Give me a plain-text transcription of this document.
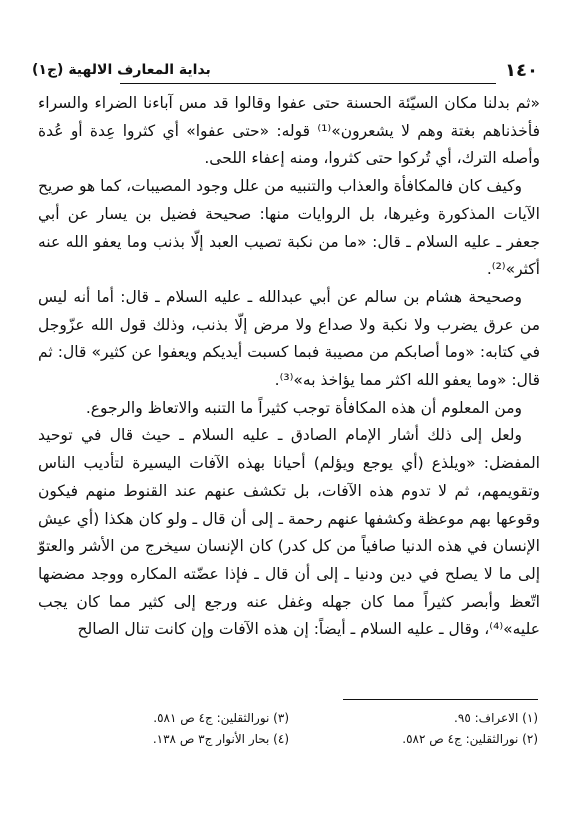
١٤٠
بداية المعارف الالهية (ج١)

«ثم بدلنا مكان السيّئة الحسنة حتى عفوا وقالوا قد مس آباءنا الضراء والسراء فأخذناهم بغتة وهم لا يشعرون»⁽¹⁾ قوله: «حتى عفوا» أي كثروا عِدة أو عُدة وأصله الترك، أي تُركوا حتى كثروا، ومنه إعفاء اللحى.

وكيف كان فالمكافأة والعذاب والتنبيه من علل وجود المصيبات، كما هو صريح الآيات المذكورة وغيرها، بل الروايات منها: صحيحة فضيل بن يسار عن أبي جعفر ـ عليه السلام ـ قال: «ما من نكبة تصيب العبد إلّا بذنب وما يعفو الله عنه أكثر»⁽²⁾.

وصحيحة هشام بن سالم عن أبي عبدالله ـ عليه السلام ـ قال: أما أنه ليس من عرق يضرب ولا نكبة ولا صداع ولا مرض إلّا بذنب، وذلك قول الله عزّوجل في كتابه: «وما أصابكم من مصيبة فبما كسبت أيديكم ويعفوا عن كثير» قال: ثم قال: «وما يعفو الله اكثر مما يؤاخذ به»⁽³⁾.

ومن المعلوم أن هذه المكافأة توجب كثيراً ما التنبه والاتعاظ والرجوع.

ولعل إلى ذلك أشار الإمام الصادق ـ عليه السلام ـ حيث قال في توحيد المفضل: «ويلذع (أي يوجع ويؤلم) أحيانا بهذه الآفات اليسيرة لتأديب الناس وتقويمهم، ثم لا تدوم هذه الآفات، بل تكشف عنهم عند القنوط منهم فيكون وقوعها بهم موعظة وكشفها عنهم رحمة ـ إلى أن قال ـ ولو كان هكذا (أي عيش الإنسان في هذه الدنيا صافياً من كل كدر) كان الإنسان سيخرج من الأشر والعتوّ إلى ما لا يصلح في دين ودنيا ـ إلى أن قال ـ فإذا عضّته المكاره ووجد مضضها اتّعظ وأبصر كثيراً مما كان جهله وغفل عنه ورجع إلى كثير مما كان يجب عليه»⁽⁴⁾، وقال ـ عليه السلام ـ أيضاً: إن هذه الآفات وإن كانت تنال الصالح

(١) الاعراف: ٩٥.
(٣) نورالثقلين: ج٤ ص ٥٨١.
(٢) نورالثقلين: ج٤ ص ٥٨٢.
(٤) بحار الأنوار ج٣ ص ١٣٨.
